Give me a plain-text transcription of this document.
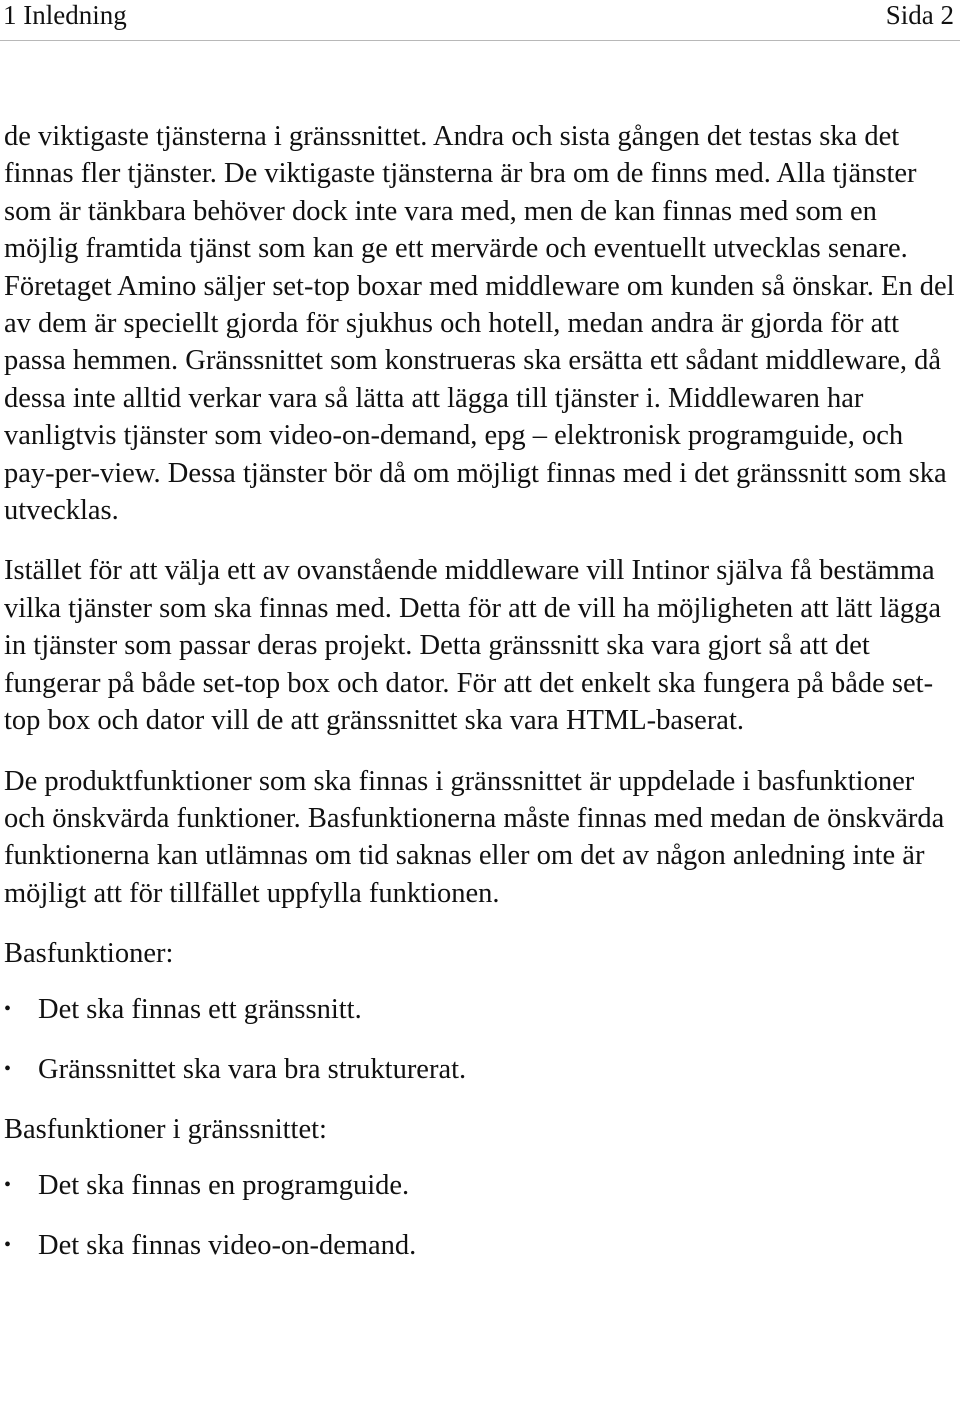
1 Inledning	Sida 2

de viktigaste tjänsterna i gränssnittet. Andra och sista gången det testas ska det finnas fler tjänster. De viktigaste tjänsterna är bra om de finns med. Alla tjänster som är tänkbara behöver dock inte vara med, men de kan finnas med som en möjlig framtida tjänst som kan ge ett mervärde och eventuellt utvecklas senare. Företaget Amino säljer set-top boxar med middleware om kunden så önskar. En del av dem är speciellt gjorda för sjukhus och hotell, medan andra är gjorda för att passa hemmen. Gränssnittet som konstrueras ska ersätta ett sådant middleware, då dessa inte alltid verkar vara så lätta att lägga till tjänster i. Middlewaren har vanligtvis tjänster som video-on-demand, epg – elektronisk programguide, och pay-per-view. Dessa tjänster bör då om möjligt finnas med i det gränssnitt som ska utvecklas.

Istället för att välja ett av ovanstående middleware vill Intinor själva få bestämma vilka tjänster som ska finnas med. Detta för att de vill ha möjligheten att lätt lägga in tjänster som passar deras projekt. Detta gränssnitt ska vara gjort så att det fungerar på både set-top box och dator. För att det enkelt ska fungera på både set-top box och dator vill de att gränssnittet ska vara HTML-baserat.

De produktfunktioner som ska finnas i gränssnittet är uppdelade i basfunktioner och önskvärda funktioner. Basfunktionerna måste finnas med medan de önskvärda funktionerna kan utlämnas om tid saknas eller om det av någon anledning inte är möjligt att för tillfället uppfylla funktionen.

Basfunktioner:

• Det ska finnas ett gränssnitt.
• Gränssnittet ska vara bra strukturerat.

Basfunktioner i gränssnittet:

• Det ska finnas en programguide.
• Det ska finnas video-on-demand.
